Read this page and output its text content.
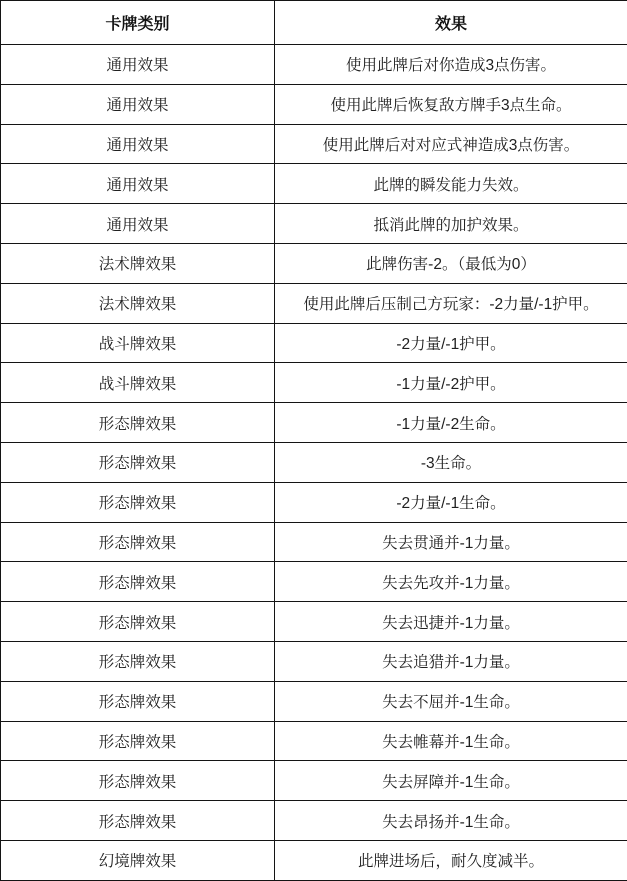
卡牌类别	效果
通用效果	使用此牌后对你造成3点伤害。
通用效果	使用此牌后恢复敌方牌手3点生命。
通用效果	使用此牌后对对应式神造成3点伤害。
通用效果	此牌的瞬发能力失效。
通用效果	抵消此牌的加护效果。
法术牌效果	此牌伤害-2。（最低为0）
法术牌效果	使用此牌后压制己方玩家：-2力量/-1护甲。
战斗牌效果	-2力量/-1护甲。
战斗牌效果	-1力量/-2护甲。
形态牌效果	-1力量/-2生命。
形态牌效果	-3生命。
形态牌效果	-2力量/-1生命。
形态牌效果	失去贯通并-1力量。
形态牌效果	失去先攻并-1力量。
形态牌效果	失去迅捷并-1力量。
形态牌效果	失去追猎并-1力量。
形态牌效果	失去不屈并-1生命。
形态牌效果	失去帷幕并-1生命。
形态牌效果	失去屏障并-1生命。
形态牌效果	失去昂扬并-1生命。
幻境牌效果	此牌进场后，耐久度减半。
